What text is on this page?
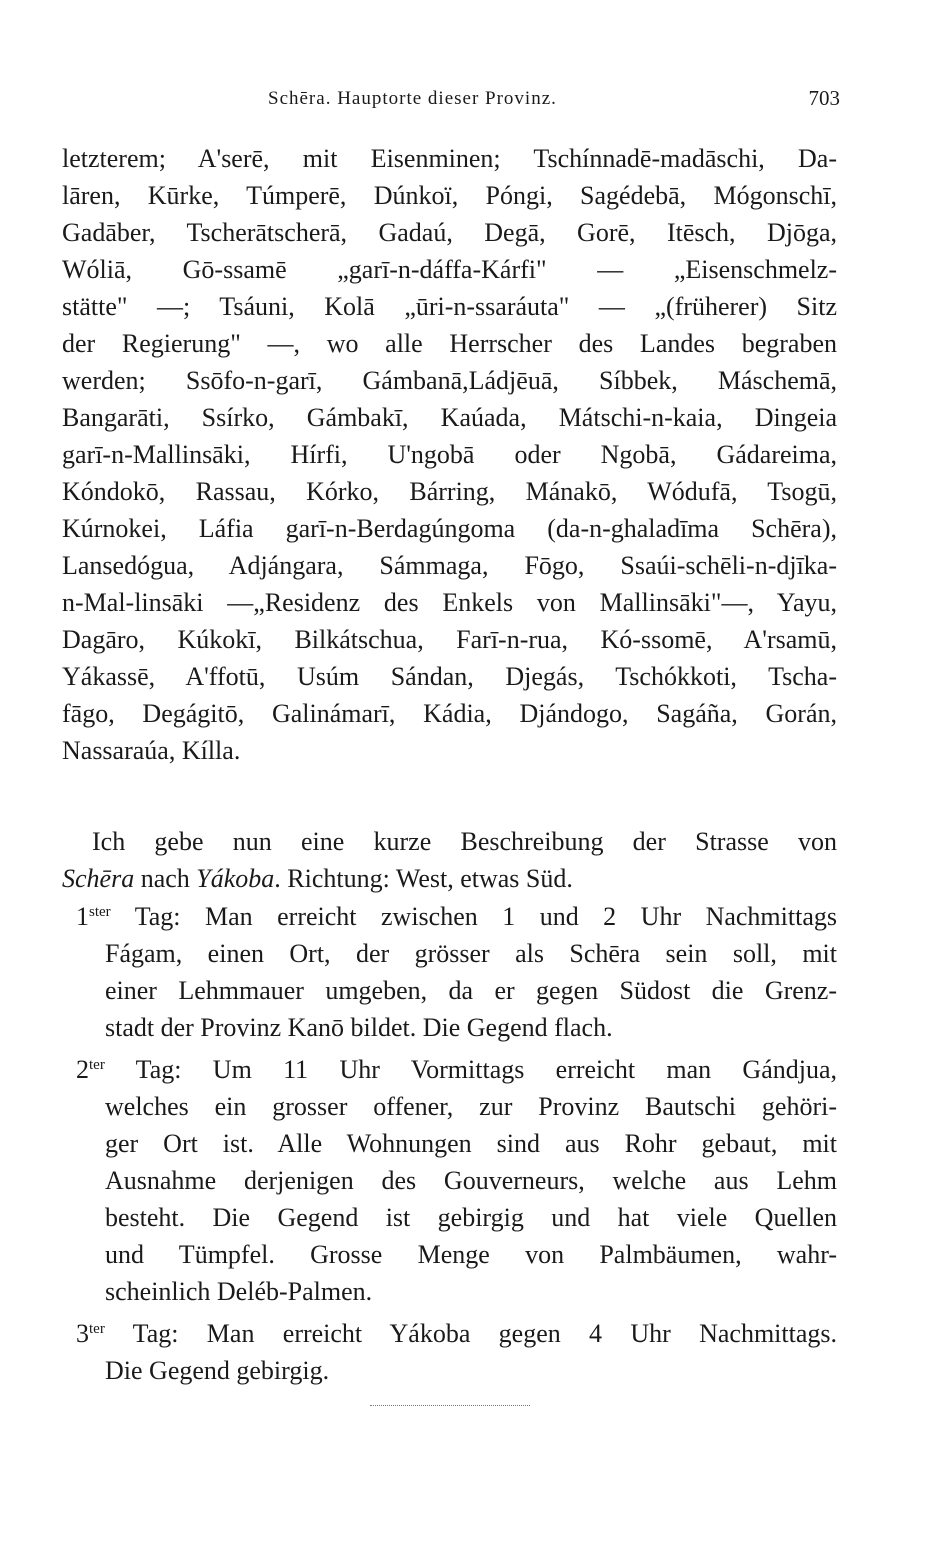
Schēra. Hauptorte dieser Provinz.	703
letzterem; A'serē, mit Eisenminen; Tschínnadē-madāschi, Da-
lāren, Kūrke, Túmperē, Dúnkoï, Póngi, Sagédebā, Mógonschī,
Gadāber, Tscherātscherā, Gadaú, Degā, Gorē, Itēsch, Djōga,
Wóliā, Gō-ssamē „garī-n-dáffa-Kárfi" — „Eisenschmelz-
stätte" —; Tsáuni, Kolā „ūri-n-ssaráuta" — „(früherer) Sitz
der Regierung" —, wo alle Herrscher des Landes begraben
werden; Ssōfo-n-garī, Gámbanā,Ládjēuā, Síbbek, Máschemā,
Bangarāti, Ssírko, Gámbakī, Kaúada, Mátschi-n-kaia, Dingeia
garī-n-Mallinsāki, Hírfi, U'ngobā oder Ngobā, Gádareima,
Kóndokō, Rassau, Kórko, Bárring, Mánakō, Wódufā, Tsogū,
Kúrnokei, Láfia garī-n-Berdagúngoma (da-n-ghaladīma Schēra),
Lansedógua, Adjángara, Sámmaga, Fōgo, Ssaúi-schēli-n-djīka-
n-Mal-linsāki —„Residenz des Enkels von Mallinsāki"—, Yayu,
Dagāro, Kúkokī, Bilkátschua, Farī-n-rua, Kó-ssomē, A'rsamū,
Yákassē, A'ffotū, Usúm Sándan, Djegás, Tschókkoti, Tscha-
fāgo, Degágitō, Galinámarī, Kádia, Djándogo, Sagáña, Gorán,
Nassaraúa, Kílla.
Ich gebe nun eine kurze Beschreibung der Strasse von
Schēra nach Yákoba. Richtung: West, etwas Süd.
$1^{ster}$ Tag: Man erreicht zwischen 1 und 2 Uhr Nachmittags
Fágam, einen Ort, der grösser als Schēra sein soll, mit
einer Lehmmauer umgeben, da er gegen Südost die Grenz-
stadt der Provinz Kanō bildet. Die Gegend flach.
$2^{ter}$ Tag: Um 11 Uhr Vormittags erreicht man Gándjua,
welches ein grosser offener, zur Provinz Bautschi gehöri-
ger Ort ist. Alle Wohnungen sind aus Rohr gebaut, mit
Ausnahme derjenigen des Gouverneurs, welche aus Lehm
besteht. Die Gegend ist gebirgig und hat viele Quellen
und Tümpfel. Grosse Menge von Palmbäumen, wahr-
scheinlich Deléb-Palmen.
$3^{ter}$ Tag: Man erreicht Yákoba gegen 4 Uhr Nachmittags.
Die Gegend gebirgig.
